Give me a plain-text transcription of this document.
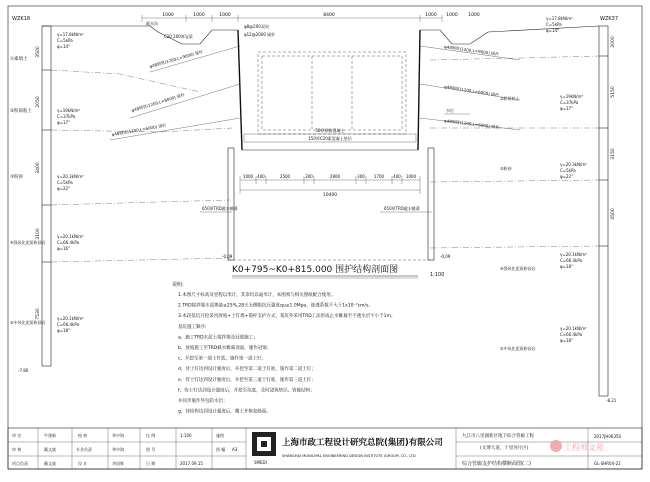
WZK18
3500
2050
3400
3100
7530
①素填土
②粉质粘土
③粉砂
④强风化泥质粉砂岩
⑤中风化泥质粉砂岩
-7.80
γ=17.8kN/m³
C=5kPa
φ=14°
γ=19kN/m³
C=37kPa
φ=17°
γ=20.3kN/m³
C=5kPa
φ=22°
γ=20.1kN/m³
C=66.4kPa
φ=16°
γ=20.1kN/m³
C=66.4kPa
φ=18°
WZK37
2000
5150
3150
4500
-8.21
γ=17.8kN/m³
C=5kPa
φ=14°
γ=19kN/m³
C=37kPa
φ=17°
γ=20.3kN/m³
C=5kPa
φ=22°
γ=20.1kN/m³
C=66.4kPa
φ=18°
γ=20.1kN/m³
C=66.4kPa
φ=18°
②粉质粘土
③粉砂
④强风化泥质粉砂岩
⑤中风化泥质粉砂岩
1000	1000	1000	8400	1000 1000 1000
50厚钢筋混凝土
150厚C20素混凝土垫层
φ48钢管(1200,L=9000) 锚杆
φ48钢管(1200,L=8000) 锚杆
φ48钢管(1200,L=6000) 锚杆
φ48钢管(1200,L=9000) 锚杆
φ48钢管(1200,L=6000) 锚杆
φ48钢管(1200,L=6000) 锚杆
截水沟
C20 200厚冠梁
φ8@200双向
φ12@2000 锚杆
水位
1000 400	2500	300	2800	300 1700 400 1000
10400
650厚TRD截水帷幕	650厚TRD截水帷幕
-0.09	-0.09
K0+795~K0+815.000 围护结构剖面图	1:100
说明:
1.本图尺寸标高及里程以米计，其余均以毫米计，本图须与相关图纸配合使用。
2.TRD搅拌墙水泥掺量≥25%,28天无侧限抗压强度qu≥1.0Mpa，渗透系数不大于1x10⁻⁷cm/s。
3.本段基坑开挖采用放坡+土钉墙+锚杆支护方式，基坑外采用TRD工法形成止水帷幕至不透水层不小于1m。
基坑施工顺序:
a、施工TRD水泥土搅拌墙及冠梁施工；
b、放坡施工至TRD截水帷幕顶面，施作冠梁；
c、开挖至第一道土钉底，施作第一道土钉；
d、待土钉达到设计强度后，开挖至第二道土钉底，施作第二道土钉；
e、待土钉达到设计强度后，开挖至第三道土钉底，施作第三道土钉；
f、待土钉达到设计强度后，开挖至坑底，及时浇筑垫层、管廊结构；
并同步施作外包防水层；
g、待结构达到设计强度后，覆土并恢复路面。
审 定	牛建新
审 核	戴文斌
项目负责	戴文斌
校 核	华中海
专业负责	华中海
设 计	李国辉
比 例	1:100
图 号
日 期	2017.09.15
施图
图 幅 A3
SMEDI
上海市政工程设计研究总院(集团)有限公司
SHANGHAI MUNICIPAL ENGINEERING DESIGN INSTITUTE (GROUP) CO., LTD
九江市八里湖新区地下综合管廊工程
(文博大道，十里河片区)
综合管廊支护结构横断面图(二)
2017JH0635S
GL-SHR04-22
工程师文苑
